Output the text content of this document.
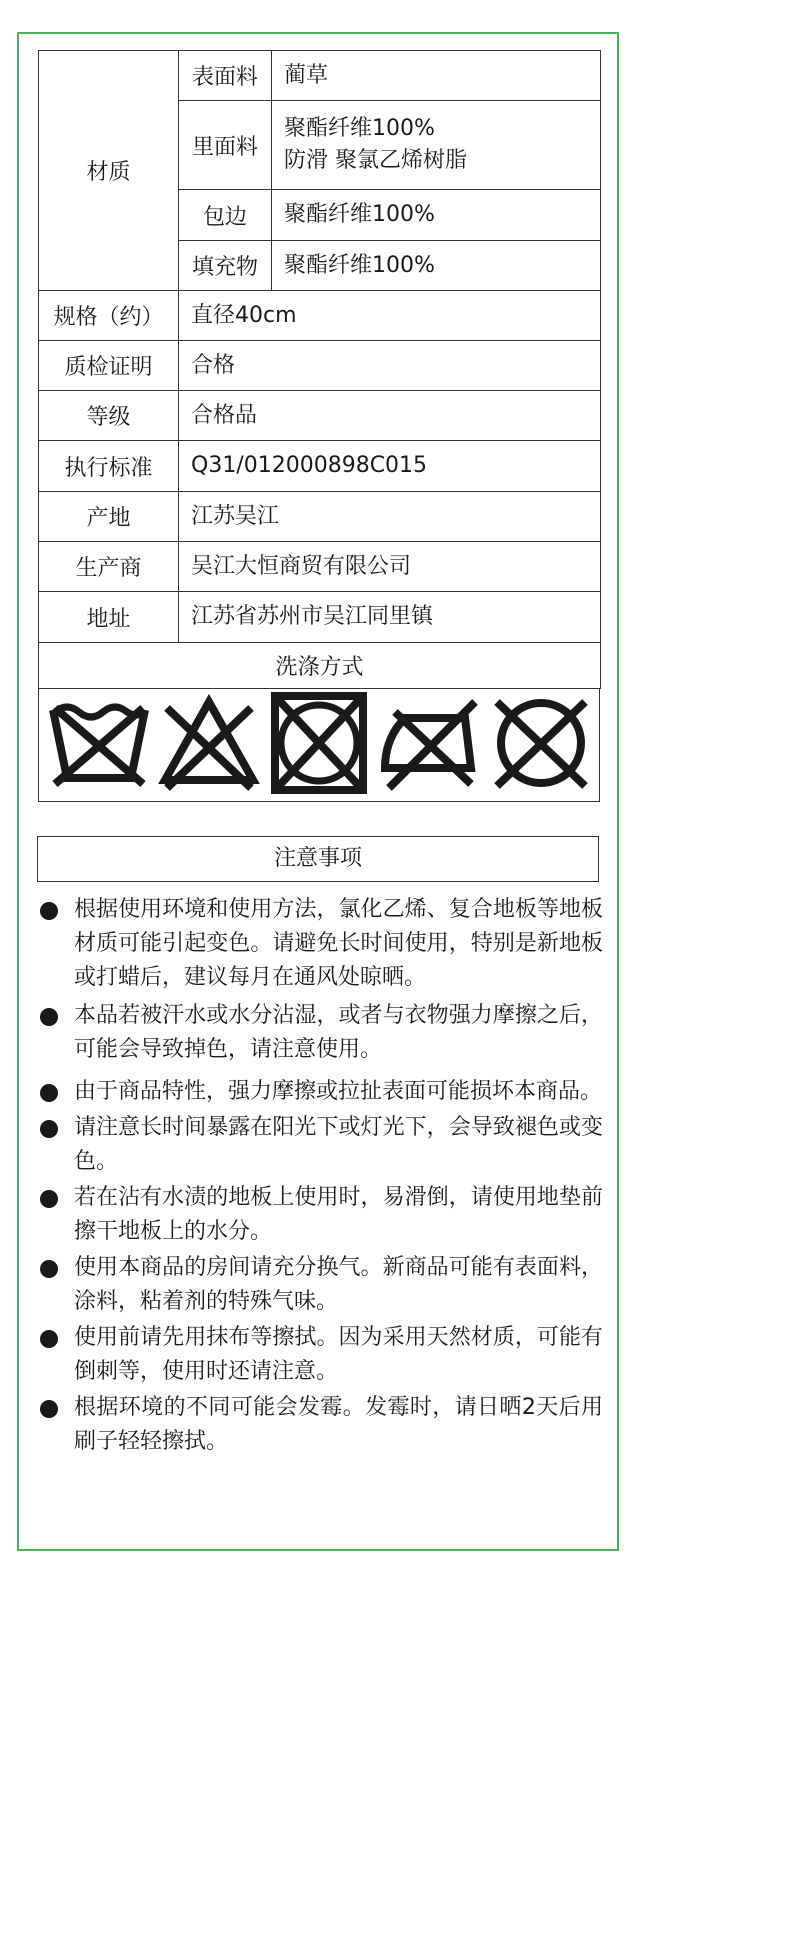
材质	表面料	蔺草
	里面料	聚酯纤维100%
防滑 聚氯乙烯树脂

	包边	聚酯纤维100%
	填充物	聚酯纤维100%
规格（约）	直径40cm	
质检证明	合格	
等级	合格品	
执行标准	Q31/012000898C015	
产地	江苏吴江	
生产商	吴江大恒商贸有限公司	
地址	江苏省苏州市吴江同里镇	
洗涤方式		
注意事项
根据使用环境和使用方法，氯化乙烯、复合地板等地板材质可能引起变色。请避免长时间使用，特别是新地板或打蜡后，建议每月在通风处晾晒。
本品若被汗水或水分沾湿，或者与衣物强力摩擦之后，可能会导致掉色，请注意使用。
由于商品特性，强力摩擦或拉扯表面可能损坏本商品。
请注意长时间暴露在阳光下或灯光下，会导致褪色或变色。
若在沾有水渍的地板上使用时，易滑倒，请使用地垫前擦干地板上的水分。
使用本商品的房间请充分换气。新商品可能有表面料，涂料，粘着剂的特殊气味。
使用前请先用抹布等擦拭。因为采用天然材质，可能有倒刺等，使用时还请注意。
根据环境的不同可能会发霉。发霉时，请日晒2天后用刷子轻轻擦拭。
